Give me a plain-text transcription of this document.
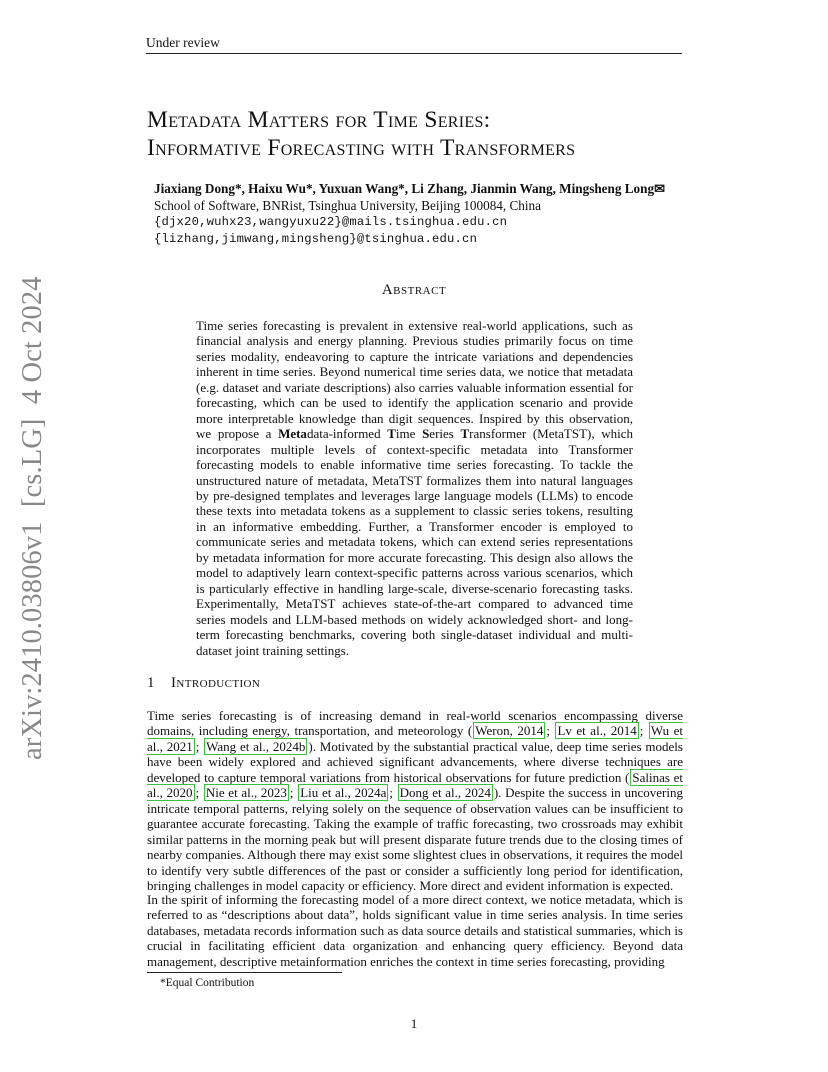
Under review
arXiv:2410.03806v1  [cs.LG]  4 Oct 2024
Metadata Matters for Time Series:
Informative Forecasting with Transformers
Jiaxiang Dong*, Haixu Wu*, Yuxuan Wang*, Li Zhang, Jianmin Wang, Mingsheng Long✉
School of Software, BNRist, Tsinghua University, Beijing 100084, China
{djx20,wuhx23,wangyuxu22}@mails.tsinghua.edu.cn
{lizhang,jimwang,mingsheng}@tsinghua.edu.cn
Abstract
Time series forecasting is prevalent in extensive real-world applications, such as financial analysis and energy planning. Previous studies primarily focus on time series modality, endeavoring to capture the intricate variations and dependencies inherent in time series. Beyond numerical time series data, we notice that metadata (e.g. dataset and variate descriptions) also carries valuable information essential for forecasting, which can be used to identify the application scenario and provide more interpretable knowledge than digit sequences. Inspired by this observation, we propose a Metadata-informed Time Series Transformer (MetaTST), which incorporates multiple levels of context-specific metadata into Transformer forecasting models to enable informative time series forecasting. To tackle the unstructured nature of metadata, MetaTST formalizes them into natural languages by pre-designed templates and leverages large language models (LLMs) to encode these texts into metadata tokens as a supplement to classic series tokens, resulting in an informative embedding. Further, a Transformer encoder is employed to communicate series and metadata tokens, which can extend series representations by metadata information for more accurate forecasting. This design also allows the model to adaptively learn context-specific patterns across various scenarios, which is particularly effective in handling large-scale, diverse-scenario forecasting tasks. Experimentally, MetaTST achieves state-of-the-art compared to advanced time series models and LLM-based methods on widely acknowledged short- and long-term forecasting benchmarks, covering both single-dataset individual and multi-dataset joint training settings.
1 Introduction
Time series forecasting is of increasing demand in real-world scenarios encompassing diverse domains, including energy, transportation, and meteorology ( Weron, 2014 ; Lv et al., 2014 ; Wu et al., 2021 ; Wang et al., 2024b ). Motivated by the substantial practical value, deep time series models have been widely explored and achieved significant advancements, where diverse techniques are developed to capture temporal variations from historical observations for future prediction ( Salinas et al., 2020 ; Nie et al., 2023 ; Liu et al., 2024a ; Dong et al., 2024 ). Despite the success in uncovering intricate temporal patterns, relying solely on the sequence of observation values can be insufficient to guarantee accurate forecasting. Taking the example of traffic forecasting, two crossroads may exhibit similar patterns in the morning peak but will present disparate future trends due to the closing times of nearby companies. Although there may exist some slightest clues in observations, it requires the model to identify very subtle differences of the past or consider a sufficiently long period for identification, bringing challenges in model capacity or efficiency. More direct and evident information is expected.
In the spirit of informing the forecasting model of a more direct context, we notice metadata, which is referred to as “descriptions about data”, holds significant value in time series analysis. In time series databases, metadata records information such as data source details and statistical summaries, which is crucial in facilitating efficient data organization and enhancing query efficiency. Beyond data management, descriptive metainformation enriches the context in time series forecasting, providing
*Equal Contribution
1
